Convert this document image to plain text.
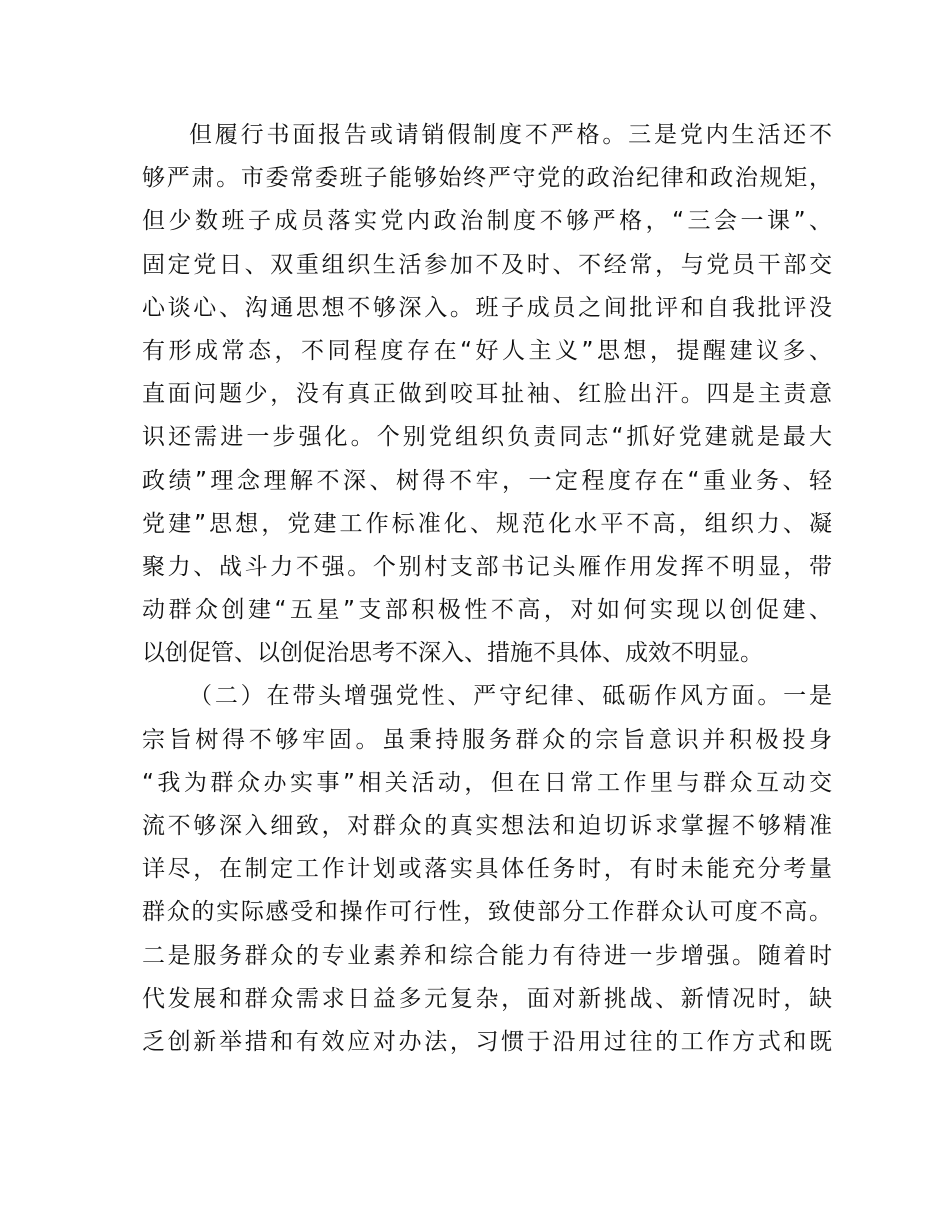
但履行书面报告或请销假制度不严格。三是党内生活还不
够严肃。市委常委班子能够始终严守党的政治纪律和政治规矩，
但少数班子成员落实党内政治制度不够严格，“三会一课”、
固定党日、双重组织生活参加不及时、不经常，与党员干部交
心谈心、沟通思想不够深入。班子成员之间批评和自我批评没
有形成常态，不同程度存在“好人主义”思想，提醒建议多、
直面问题少，没有真正做到咬耳扯袖、红脸出汗。四是主责意
识还需进一步强化。个别党组织负责同志“抓好党建就是最大
政绩”理念理解不深、树得不牢，一定程度存在“重业务、轻
党建”思想，党建工作标准化、规范化水平不高，组织力、凝
聚力、战斗力不强。个别村支部书记头雁作用发挥不明显，带
动群众创建“五星”支部积极性不高，对如何实现以创促建、
以创促管、以创促治思考不深入、措施不具体、成效不明显。
（二）在带头增强党性、严守纪律、砥砺作风方面。一是
宗旨树得不够牢固。虽秉持服务群众的宗旨意识并积极投身
“我为群众办实事”相关活动，但在日常工作里与群众互动交
流不够深入细致，对群众的真实想法和迫切诉求掌握不够精准
详尽，在制定工作计划或落实具体任务时，有时未能充分考量
群众的实际感受和操作可行性，致使部分工作群众认可度不高。
二是服务群众的专业素养和综合能力有待进一步增强。随着时
代发展和群众需求日益多元复杂，面对新挑战、新情况时，缺
乏创新举措和有效应对办法，习惯于沿用过往的工作方式和既
